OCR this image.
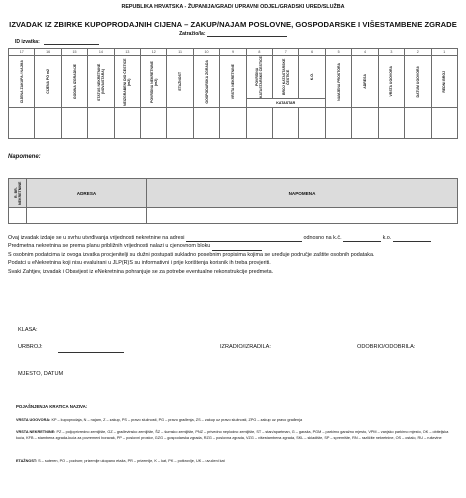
REPUBLIKA HRVATSKA - ŽUPANIJA/GRAD/ UPRAVNI ODJEL/GRADSKI URED/SLUŽBA
IZVADAK IZ ZBIRKE KUPOPRODAJNIH CIJENA – ZAKUP/NAJAM POSLOVNE, GOSPODARSKE I VIŠESTAMBENE ZGRADE
Zatražio/la:
ID izvatka:
17	16	15	14	13	12	11	10	9	8	7	6	5	4	3	2	1

CIJENA ZAKUPA / NAJMA	CIJENA PO m2	GODINA IZGRADNJE	STATUS NEKRETNINE (NOVA/STARA)	NEIZGRAĐENI DIO ČESTICE (m2)	POVRŠINA NEKRETNINE (m2)	ETAŽNOST	GOSPODARSKA ZGRADA	VRSTA NEKRETNINE	POVRŠINA KATASTARSKE ČESTICE	BROJ KATASTARSKE ČESTICE	K.O.	NAMJENA PROSTORA	ADRESA	VRSTA UGOVORA	DATUM UGOVORA	REDNI BROJ

									KATASTAR							

Napomene:
R. BR. NEKRETNINE	ADRESA	NAPOMENA

Ovaj izvadak izdaje se u svrhu utvrđivanja vrijednosti nekretnine na adresi	odnosno na k.č.	k.o.

Predmetna nekretnina se prema planu približnih vrijednosti nalazi u cjenovnom bloku

S osobnim podatcima iz ovoga izvatka procjenitelji su dužni postupati sukladno posebnim propisima kojima se uređuje područje zaštite osobnih podataka.

Podatci u eNekretnina koji nisu evaluirani u JLP(R)S su informativni i prije korištenja korisnik ih treba provjeriti.

Svaki Zahtjev, izvadak i Obavijest iz eNekretnina pohranjuje se za potrebe eventualne rekonstrukcije predmeta.

KLASA:
URBROJ:	IZRADIO/IZRADILA:	ODOBRIO/ODOBRILA:
MJESTO, DATUM
POJAŠNJENJA KRATICA NAZIVA:
VRSTA UGOVORA: KP – kupoprodaja, N – najam, Z – zakup, PS – pravo služnosti, PG – pravo građenja, ZS – zakup uz pravo služnosti, ZPG – zakup uz pravo građenja
VRSTA NEKRETNINE: PZ – poljoprivredno zemljište, GZ – građevinsko zemljište, ŠZ – šumsko zemljište, PNZ – privedno neplodno zemljište, ST – stan/apartman, G – garaža, PGM – parkirno garažno mjesto, VPM – vanjsko parkirno mjesto, OK – obiteljska kuća, KFB – stambena zgrada-kuća za povremeni boravak, PP – poslovni prostor, GZG – gospodarska zgrada, RZG – poslovna zgrada, VZG – višestambena zgrada, SKL – skladište, SP – spremište, RN – različite nekretnine, OS – ostalo, RU – ruševine
ETAŽNOST: S – suteren, PO – podrum; prizemlje ukopano etaža, PR – prizemlje, K – kat, PK – potkrovlje, UK – uvučeni kat
